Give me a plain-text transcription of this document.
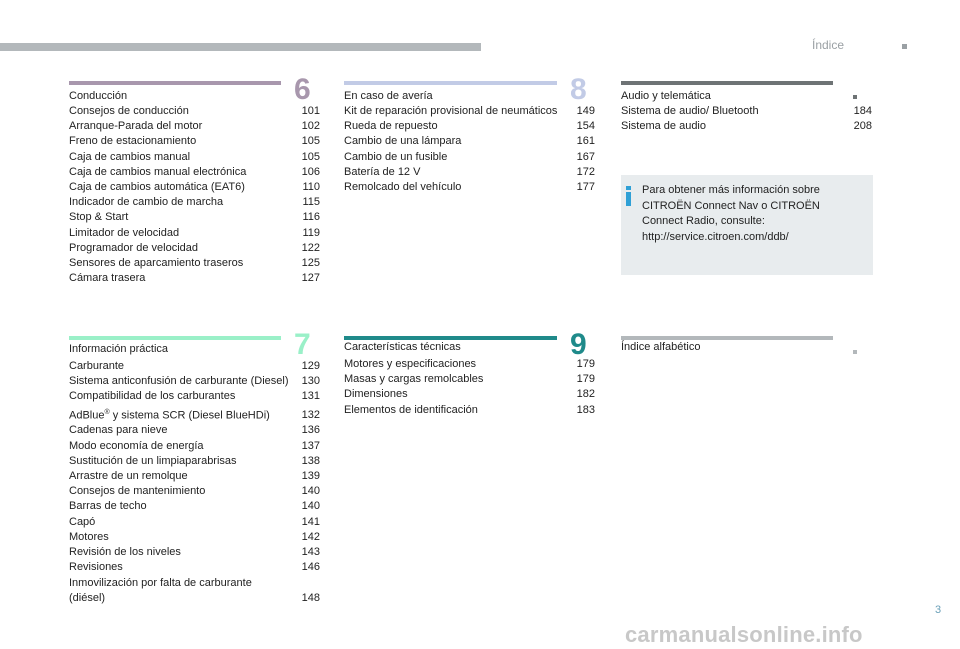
Índice
6
Conducción
Consejos de conducción	101
Arranque-Parada del motor	102
Freno de estacionamiento	105
Caja de cambios manual	105
Caja de cambios manual electrónica	106
Caja de cambios automática (EAT6)	110
Indicador de cambio de marcha	115
Stop & Start	116
Limitador de velocidad	119
Programador de velocidad	122
Sensores de aparcamiento traseros	125
Cámara trasera	127
7
Información práctica
Carburante	129
Sistema anticonfusión de carburante (Diesel) 130
Compatibilidad de los carburantes	131
AdBlue® y sistema SCR (Diesel BlueHDi)	132
Cadenas para nieve	136
Modo economía de energía	137
Sustitución de un limpiaparabrisas	138
Arrastre de un remolque	139
Consejos de mantenimiento	140
Barras de techo	140
Capó	141
Motores	142
Revisión de los niveles	143
Revisiones	146
Inmovilización por falta de carburante (diésel)	148
8
En caso de avería
Kit de reparación provisional de neumáticos 149
Rueda de repuesto	154
Cambio de una lámpara	161
Cambio de un fusible	167
Batería de 12 V	172
Remolcado del vehículo	177
9
Características técnicas
Motores y especificaciones	179
Masas y cargas remolcables	179
Dimensiones	182
Elementos de identificación	183
Audio y telemática
Sistema de audio/ Bluetooth	184
Sistema de audio	208
Para obtener más información sobre CITROËN Connect Nav o CITROËN Connect Radio, consulte: http://service.citroen.com/ddb/
Índice alfabético
3
carmanualsonline.info
